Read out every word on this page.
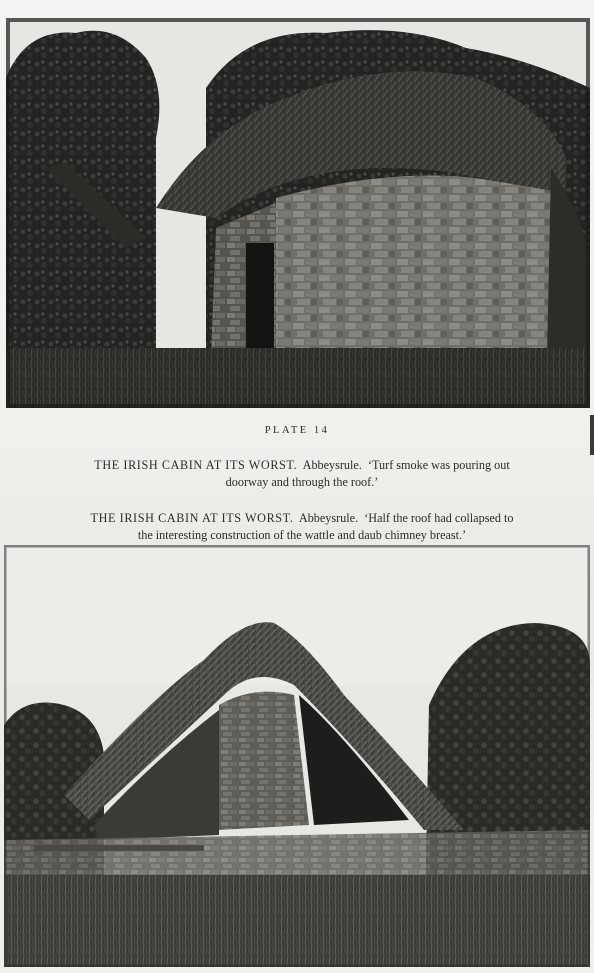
PLATE 14
THE IRISH CABIN AT ITS WORST. Abbeysrule. ‘Turf smoke was pouring out
doorway and through the roof.’
THE IRISH CABIN AT ITS WORST. Abbeysrule. ‘Half the roof had collapsed to
the interesting construction of the wattle and daub chimney breast.’
